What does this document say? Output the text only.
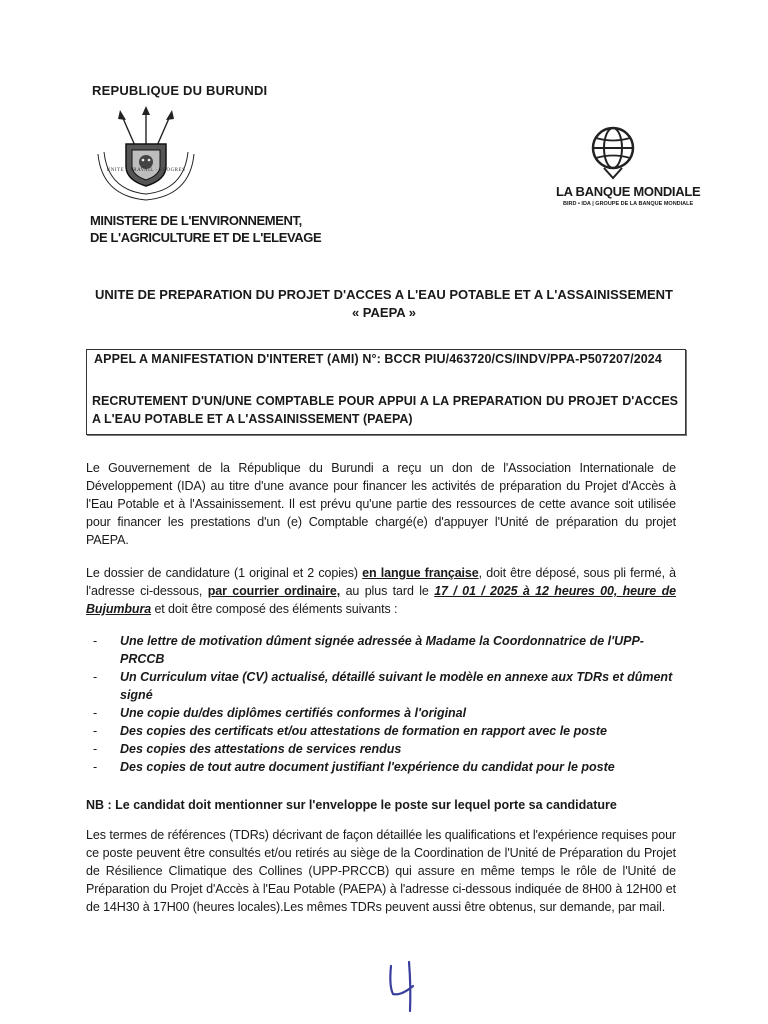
REPUBLIQUE DU BURUNDI
UNITE · TRAVAIL · PROGRES
MINISTERE DE L'ENVIRONNEMENT,
DE L'AGRICULTURE ET DE L'ELEVAGE
LA BANQUE MONDIALE
BIRD • IDA | GROUPE DE LA BANQUE MONDIALE
UNITE DE PREPARATION DU PROJET D'ACCES A L'EAU POTABLE ET A L'ASSAINISSEMENT
« PAEPA »
APPEL A MANIFESTATION D'INTERET (AMI) N°: BCCR PIU/463720/CS/INDV/PPA-P507207/2024
RECRUTEMENT D'UN/UNE COMPTABLE POUR APPUI A LA PREPARATION DU PROJET D'ACCES A L'EAU POTABLE ET A L'ASSAINISSEMENT (PAEPA)
Le Gouvernement de la République du Burundi a reçu un don de l'Association Internationale de Développement (IDA) au titre d'une avance pour financer les activités de préparation du Projet d'Accès à l'Eau Potable et à l'Assainissement. Il est prévu qu'une partie des ressources de cette avance soit utilisée pour financer les prestations d'un (e) Comptable chargé(e) d'appuyer l'Unité de préparation du projet PAEPA.
Le dossier de candidature (1 original et 2 copies) en langue française, doit être déposé, sous pli fermé, à l'adresse ci-dessous, par courrier ordinaire, au plus tard le 17 / 01 / 2025 à 12 heures 00, heure de Bujumbura et doit être composé des éléments suivants :
-	Une lettre de motivation dûment signée adressée à Madame la Coordonnatrice de l'UPP-PRCCB
-	Un Curriculum vitae (CV) actualisé, détaillé suivant le modèle en annexe aux TDRs et dûment signé
-	Une copie du/des diplômes certifiés conformes à l'original
-	Des copies des certificats et/ou attestations de formation en rapport avec le poste
-	Des copies des attestations de services rendus
-	Des copies de tout autre document justifiant l'expérience du candidat pour le poste
NB : Le candidat doit mentionner sur l'enveloppe le poste sur lequel porte sa candidature
Les termes de références (TDRs) décrivant de façon détaillée les qualifications et l'expérience requises pour ce poste peuvent être consultés et/ou retirés au siège de la Coordination de l'Unité de Préparation du Projet de Résilience Climatique des Collines (UPP-PRCCB) qui assure en même temps le rôle de l'Unité de Préparation du Projet d'Accès à l'Eau Potable (PAEPA) à l'adresse ci-dessous indiquée de 8H00 à 12H00 et de 14H30 à 17H00 (heures locales).Les mêmes TDRs peuvent aussi être obtenus, sur demande, par mail.
